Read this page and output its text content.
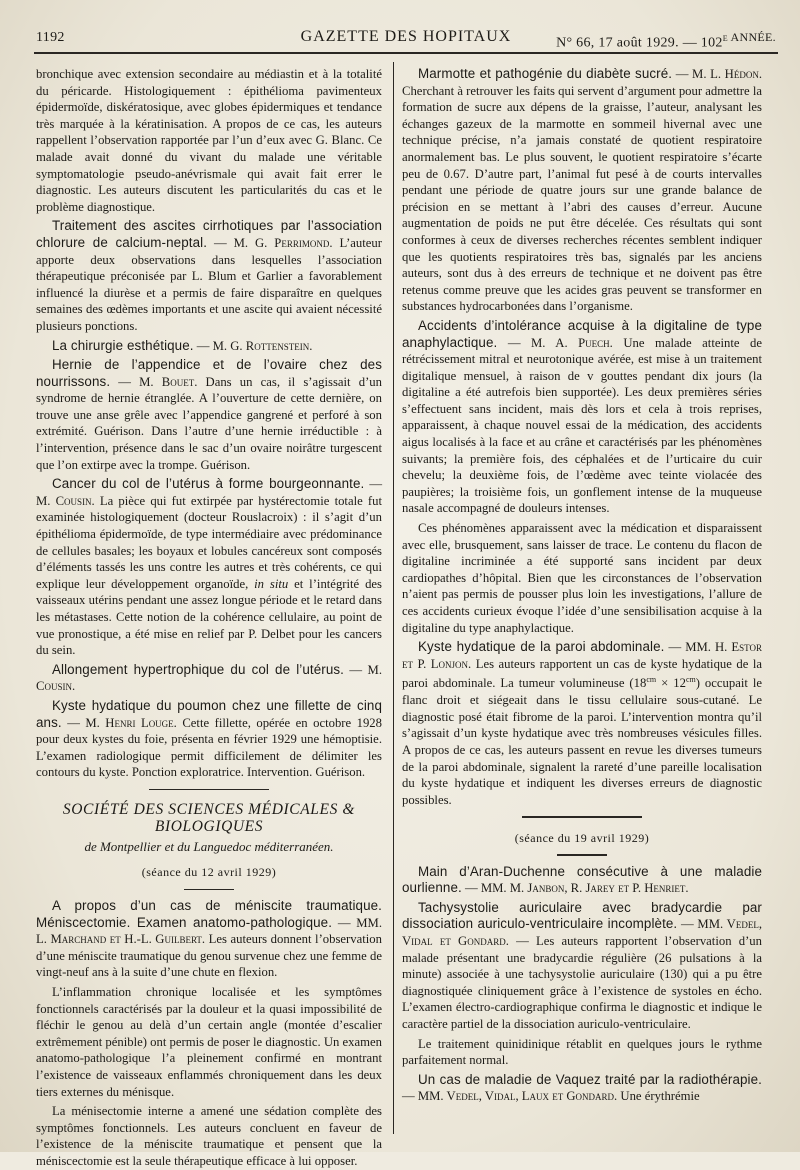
1192	GAZETTE DES HOPITAUX	N° 66, 17 août 1929. — $102^{e ANNÉE.}$

bronchique avec extension secondaire au médiastin et à la totalité du péricarde. Histologiquement : épithélioma pavimenteux épidermoïde, diskératosique, avec globes épidermiques et tendance très marquée à la kératinisation. A propos de ce cas, les auteurs rappellent l’observation rapportée par l’un d’eux avec G. Blanc. Ce malade avait donné du vivant du malade une véritable symptomatologie pseudo-anévrismale qui avait fait errer le diagnostic. Les auteurs discutent les particularités du cas et le problème diagnostique.

Traitement des ascites cirrhotiques par l’association chlorure de calcium-neptal. — M. G. Perrimond. L’auteur apporte deux observations dans lesquelles l’association thérapeutique préconisée par L. Blum et Garlier a favorablement influencé la diurèse et a permis de faire disparaître en quelques semaines des œdèmes importants et une ascite qui avaient nécessité plusieurs ponctions.

La chirurgie esthétique. — M. G. Rottenstein.

Hernie de l’appendice et de l’ovaire chez des nourrissons. — M. Bouet. Dans un cas, il s’agissait d’un syndrome de hernie étranglée. A l’ouverture de cette dernière, on trouve une anse grêle avec l’appendice gangrené et perforé à son extrémité. Guérison. Dans l’autre d’une hernie irréductible : à l’intervention, présence dans le sac d’un ovaire noirâtre turgescent que l’on extirpe avec la trompe. Guérison.

Cancer du col de l’utérus à forme bourgeonnante. — M. Cousin. La pièce qui fut extirpée par hystérectomie totale fut examinée histologiquement (docteur Rouslacroix) : il s’agit d’un épithélioma épidermoïde, de type intermédiaire avec prédominance de cellules basales; les boyaux et lobules cancéreux sont composés d’éléments tassés les uns contre les autres et très cohérents, ce qui explique leur développement organoïde, in situ et l’intégrité des vaisseaux utérins pendant une assez longue période et le retard dans les métastases. Cette notion de la cohérence cellulaire, au point de vue pronostique, a été mise en relief par P. Delbet pour les cancers du sein.

Allongement hypertrophique du col de l’utérus. — M. Cousin.

Kyste hydatique du poumon chez une fillette de cinq ans. — M. Henri Louge. Cette fillette, opérée en octobre 1928 pour deux kystes du foie, présenta en février 1929 une hémoptisie. L’examen radiologique permit difficilement de délimiter les contours du kyste. Ponction exploratrice. Intervention. Guérison.

SOCIÉTÉ DES SCIENCES MÉDICALES & BIOLOGIQUES
de Montpellier et du Languedoc méditerranéen.
(séance du 12 avril 1929)

A propos d’un cas de méniscite traumatique. Méniscectomie. Examen anatomo-pathologique. — MM. L. Marchand et H.-L. Guilbert. Les auteurs donnent l’observation d’une méniscite traumatique du genou survenue chez une femme de vingt-neuf ans à la suite d’une chute en flexion.

L’inflammation chronique localisée et les symptômes fonctionnels caractérisés par la douleur et la quasi impossibilité de fléchir le genou au delà d’un certain angle (montée d’escalier extrêmement pénible) ont permis de poser le diagnostic. Un examen anatomo-pathologique l’a pleinement confirmé en montrant l’existence de vaisseaux enflammés chroniquement dans les deux tiers externes du ménisque.

La ménisectomie interne a amené une sédation complète des symptômes fonctionnels. Les auteurs concluent en faveur de l’existence de la méniscite traumatique et pensent que la méniscectomie est la seule thérapeutique efficace à lui opposer.

Marmotte et pathogénie du diabète sucré. — M. L. Hédon. Cherchant à retrouver les faits qui servent d’argument pour admettre la formation de sucre aux dépens de la graisse, l’auteur, analysant les échanges gazeux de la marmotte en sommeil hivernal avec une technique précise, n’a jamais constaté de quotient respiratoire anormalement bas. Le plus souvent, le quotient respiratoire s’écarte peu de 0.67. D’autre part, l’animal fut pesé à de courts intervalles pendant une période de quatre jours sur une grande balance de précision en se mettant à l’abri des causes d’erreur. Aucune augmentation de poids ne put être décelée. Ces résultats qui sont conformes à ceux de diverses recherches récentes semblent indiquer que les quotients respiratoires très bas, signalés par les anciens auteurs, sont dus à des erreurs de technique et ne doivent pas être retenus comme preuve que les acides gras peuvent se transformer en substances hydrocarbonées dans l’organisme.

Accidents d’intolérance acquise à la digitaline de type anaphylactique. — M. A. Puech. Une malade atteinte de rétrécissement mitral et neurotonique avérée, est mise à un traitement digitalique mensuel, à raison de v gouttes pendant dix jours (la digitaline a été autrefois bien supportée). Les deux premières séries s’effectuent sans incident, mais dès lors et cela à trois reprises, apparaissent, à chaque nouvel essai de la médication, des accidents aigus localisés à la face et au crâne et caractérisés par les phénomènes suivants; la première fois, des céphalées et de l’urticaire du cuir chevelu; la deuxième fois, de l’œdème avec teinte violacée des paupières; la troisième fois, un gonflement intense de la muqueuse nasale accompagné de douleurs intenses.

Ces phénomènes apparaissent avec la médication et disparaissent avec elle, brusquement, sans laisser de trace. Le contenu du flacon de digitaline incriminée a été supporté sans incident par deux cardiopathes d’hôpital. Bien que les circonstances de l’observation n’aient pas permis de pousser plus loin les investigations, l’allure de ces accidents curieux évoque l’idée d’une sensibilisation acquise à la digitaline du type anaphylactique.

Kyste hydatique de la paroi abdominale. — MM. H. Estor et P. Lonjon. Les auteurs rapportent un cas de kyste hydatique de la paroi abdominale. La tumeur volumineuse $(18^{cm} \times 12^{cm})$ occupait le flanc droit et siégeait dans le tissu cellulaire sous-cutané. Le diagnostic posé était fibrome de la paroi. L’intervention montra qu’il s’agissait d’un kyste hydatique avec très nombreuses vésicules filles. A propos de ce cas, les auteurs passent en revue les diverses tumeurs de la paroi abdominale, signalent la rareté d’une pareille localisation du kyste hydatique et indiquent les diverses erreurs de diagnostic possibles.

(séance du 19 avril 1929)

Main d’Aran-Duchenne consécutive à une maladie ourlienne. — MM. M. Janbon, R. Jarey et P. Henriet.

Tachysystolie auriculaire avec bradycardie par dissociation auriculo-ventriculaire incomplète. — MM. Vedel, Vidal et Gondard. — Les auteurs rapportent l’observation d’un malade présentant une bradycardie régulière (26 pulsations à la minute) associée à une tachysystolie auriculaire (130) qui a pu être diagnostiquée cliniquement grâce à l’existence de systoles en écho. L’examen électro-cardiographique confirma le diagnostic et indique le caractère partiel de la dissociation auriculo-ventriculaire.

Le traitement quinidinique rétablit en quelques jours le rythme parfaitement normal.

Un cas de maladie de Vaquez traité par la radiothérapie. — MM. Vedel, Vidal, Laux et Gondard. Une érythrémie
